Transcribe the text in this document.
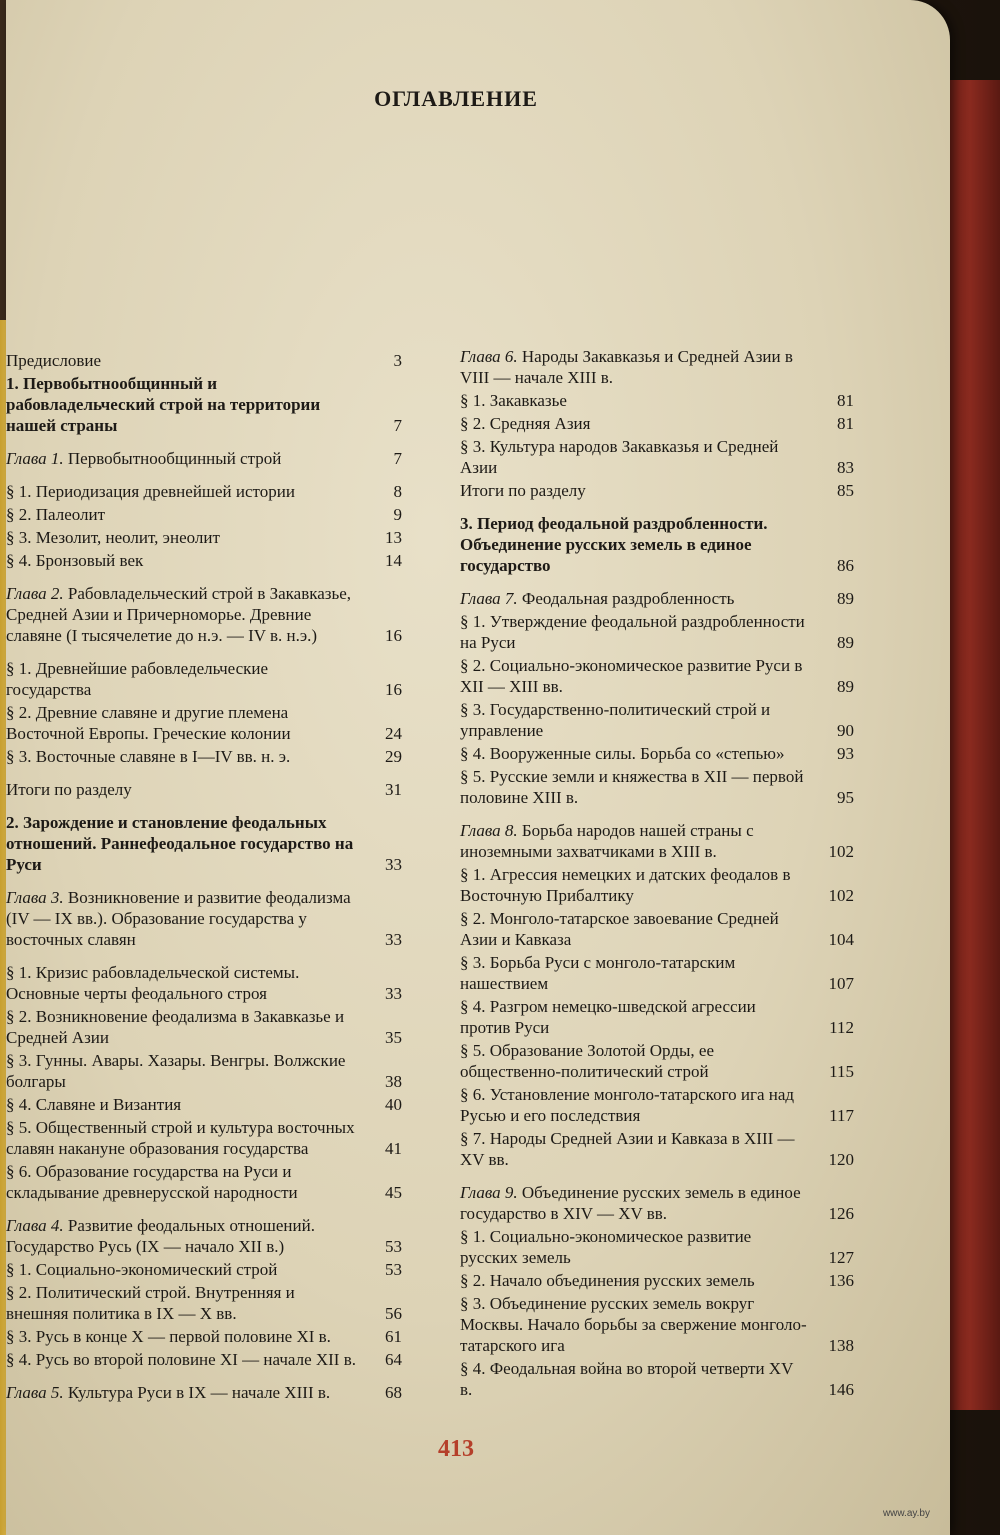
ОГЛАВЛЕНИЕ
Предисловие	3
1. Первобытнообщинный и рабовладельческий строй на территории нашей страны	7
Глава 1. Первобытнообщинный строй	7
§ 1. Периодизация древнейшей истории	8
§ 2. Палеолит	9
§ 3. Мезолит, неолит, энеолит	13
§ 4. Бронзовый век	14
Глава 2. Рабовладельческий строй в Закавказье, Средней Азии и Причерноморье. Древние славяне (I тысячелетие до н.э. — IV в. н.э.)	16
§ 1. Древнейшие рабовледельческие государства	16
§ 2. Древние славяне и другие племена Восточной Европы. Греческие колонии	24
§ 3. Восточные славяне в I—IV вв. н. э.	29
Итоги по разделу	31
2. Зарождение и становление феодальных отношений. Раннефеодальное государство на Руси	33
Глава 3. Возникновение и развитие феодализма (IV — IX вв.). Образование государства у восточных славян	33
§ 1. Кризис рабовладельческой системы. Основные черты феодального строя	33
§ 2. Возникновение феодализма в Закавказье и Средней Азии	35
§ 3. Гунны. Авары. Хазары. Венгры. Волжские болгары	38
§ 4. Славяне и Византия	40
§ 5. Общественный строй и культура восточных славян накануне образования государства	41
§ 6. Образование государства на Руси и складывание древнерусской народности	45
Глава 4. Развитие феодальных отношений. Государство Русь (IX — начало XII в.)	53
§ 1. Социально-экономический строй	53
§ 2. Политический строй. Внутренняя и внешняя политика в IX — X вв.	56
§ 3. Русь в конце X — первой половине XI в.	61
§ 4. Русь во второй половине XI — начале XII в.	64
Глава 5. Культура Руси в IX — начале XIII в.	68
Глава 6. Народы Закавказья и Средней Азии в VIII — начале XIII в.
§ 1. Закавказье	81
§ 2. Средняя Азия	81
§ 3. Культура народов Закавказья и Средней Азии	83
Итоги по разделу	85
3. Период феодальной раздробленности. Объединение русских земель в единое государство	86
Глава 7. Феодальная раздробленность	89
§ 1. Утверждение феодальной раздробленности на Руси	89
§ 2. Социально-экономическое развитие Руси в XII — XIII вв.	89
§ 3. Государственно-политический строй и управление	90
§ 4. Вооруженные силы. Борьба со «степью»	93
§ 5. Русские земли и княжества в XII — первой половине XIII в.	95
Глава 8. Борьба народов нашей страны с иноземными захватчиками в XIII в.	102
§ 1. Агрессия немецких и датских феодалов в Восточную Прибалтику	102
§ 2. Монголо-татарское завоевание Средней Азии и Кавказа	104
§ 3. Борьба Руси с монголо-татарским нашествием	107
§ 4. Разгром немецко-шведской агрессии против Руси	112
§ 5. Образование Золотой Орды, ее общественно-политический строй	115
§ 6. Установление монголо-татарского ига над Русью и его последствия	117
§ 7. Народы Средней Азии и Кавказа в XIII — XV вв.	120
Глава 9. Объединение русских земель в единое государство в XIV — XV вв.	126
§ 1. Социально-экономическое развитие русских земель	127
§ 2. Начало объединения русских земель	136
§ 3. Объединение русских земель вокруг Москвы. Начало борьбы за свержение монголо-татарского ига	138
§ 4. Феодальная война во второй четверти XV в.	146
413
www.ay.by
